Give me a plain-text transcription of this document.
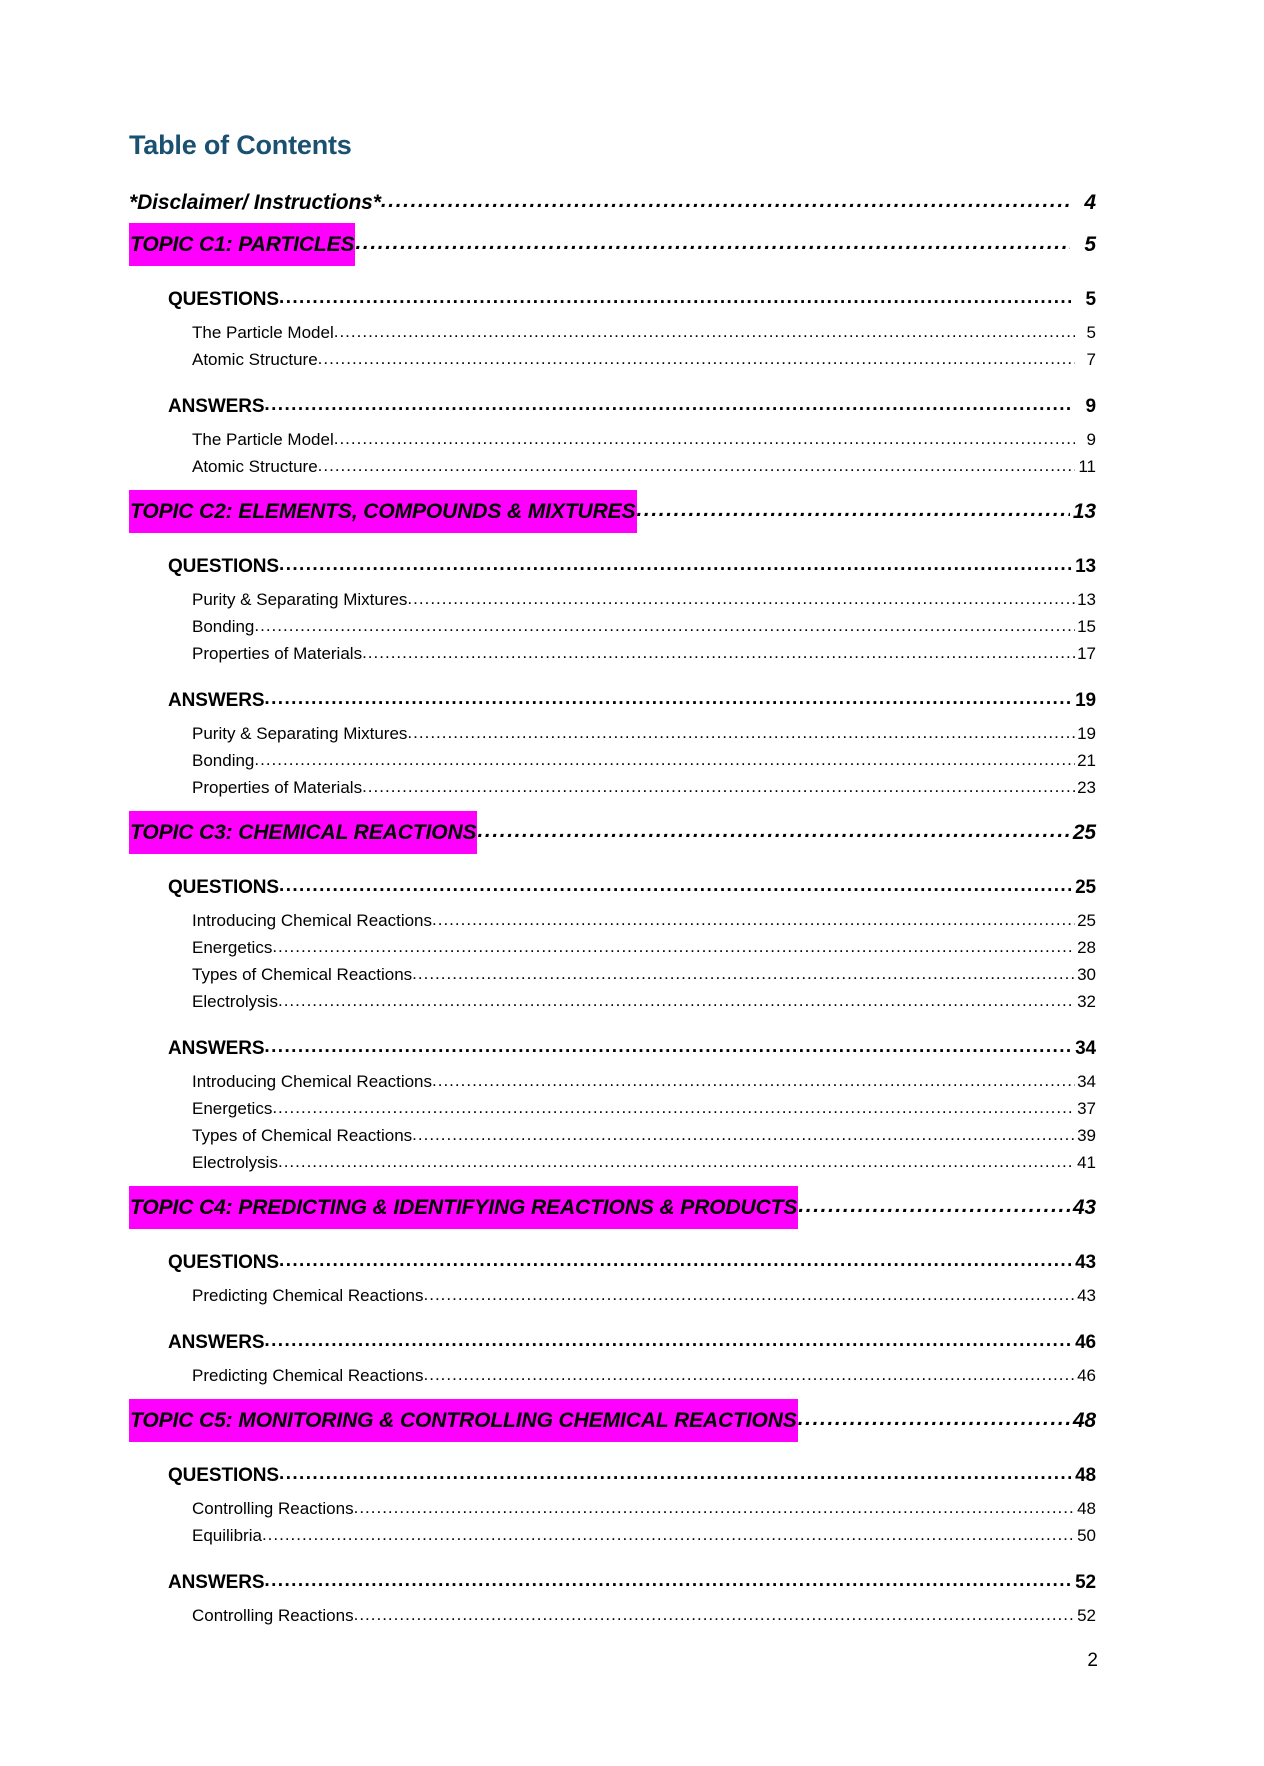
Table of Contents
*Disclaimer/ Instructions* .....	4
TOPIC C1: PARTICLES .....	5
QUESTIONS .....	5
The Particle Model .....	5
Atomic Structure .....	7
ANSWERS .....	9
The Particle Model .....	9
Atomic Structure .....	11
TOPIC C2: ELEMENTS, COMPOUNDS & MIXTURES .....	13
QUESTIONS .....	13
Purity & Separating Mixtures .....	13
Bonding .....	15
Properties of Materials .....	17
ANSWERS .....	19
Purity & Separating Mixtures .....	19
Bonding .....	21
Properties of Materials .....	23
TOPIC C3: CHEMICAL REACTIONS .....	25
QUESTIONS .....	25
Introducing Chemical Reactions .....	25
Energetics .....	28
Types of Chemical Reactions .....	30
Electrolysis .....	32
ANSWERS .....	34
Introducing Chemical Reactions .....	34
Energetics .....	37
Types of Chemical Reactions .....	39
Electrolysis .....	41
TOPIC C4: PREDICTING & IDENTIFYING REACTIONS & PRODUCTS .....	43
QUESTIONS .....	43
Predicting Chemical Reactions .....	43
ANSWERS .....	46
Predicting Chemical Reactions .....	46
TOPIC C5: MONITORING & CONTROLLING CHEMICAL REACTIONS .....	48
QUESTIONS .....	48
Controlling Reactions .....	48
Equilibria .....	50
ANSWERS .....	52
Controlling Reactions .....	52
2
